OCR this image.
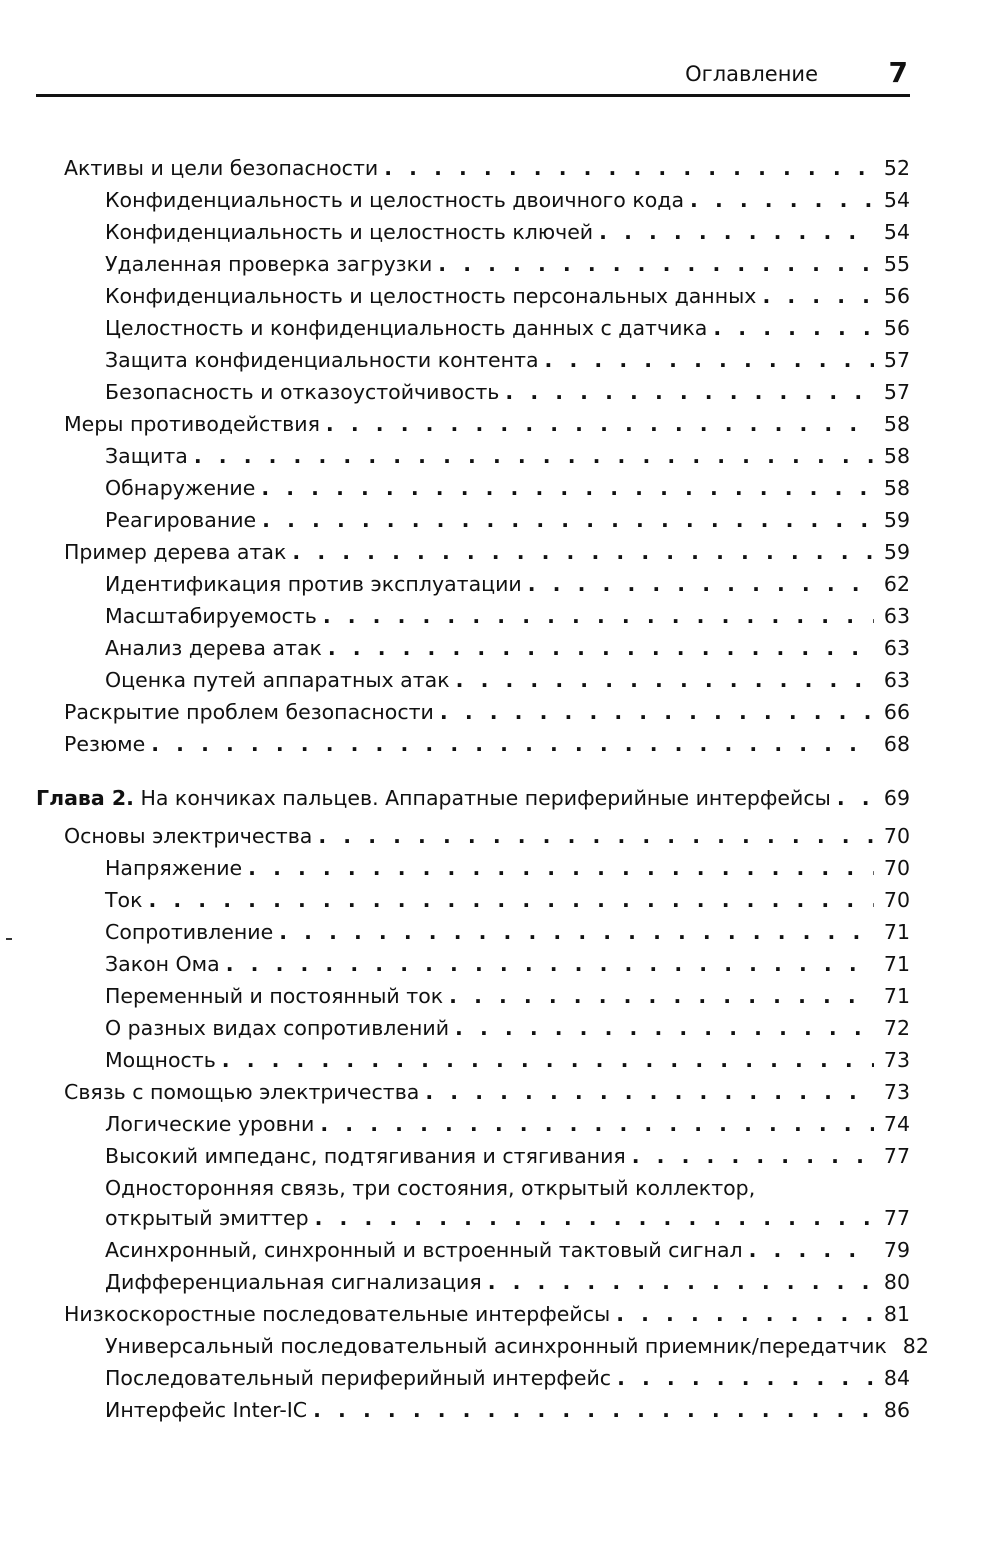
Оглавление	7
Активы и цели безопасности . . .	52
Конфиденциальность и целостность двоичного кода . . .	54
Конфиденциальность и целостность ключей . . .	54
Удаленная проверка загрузки . . .	55
Конфиденциальность и целостность персональных данных . . .	56
Целостность и конфиденциальность данных с датчика . . .	56
Защита конфиденциальности контента . . .	57
Безопасность и отказоустойчивость . . .	57
Меры противодействия . . .	58
Защита . . .	58
Обнаружение . . .	58
Реагирование . . .	59
Пример дерева атак . . .	59
Идентификация против эксплуатации . . .	62
Масштабируемость . . .	63
Анализ дерева атак . . .	63
Оценка путей аппаратных атак . . .	63
Раскрытие проблем безопасности . . .	66
Резюме . . .	68
Глава 2. На кончиках пальцев. Аппаратные периферийные интерфейсы . . .	69
Основы электричества . . .	70
Напряжение . . .	70
Ток . . .	70
Сопротивление . . .	71
Закон Ома . . .	71
Переменный и постоянный ток . . .	71
О разных видах сопротивлений . . .	72
Мощность . . .	73
Связь с помощью электричества . . .	73
Логические уровни . . .	74
Высокий импеданс, подтягивания и стягивания . . .	77
Односторонняя связь, три состояния, открытый коллектор,
открытый эмиттер . . .	77
Асинхронный, синхронный и встроенный тактовый сигнал . . .	79
Дифференциальная сигнализация . . .	80
Низкоскоростные последовательные интерфейсы . . .	81
Универсальный последовательный асинхронный приемник/передатчик 82
Последовательный периферийный интерфейс . . .	84
Интерфейс Inter-IC . . .	86
